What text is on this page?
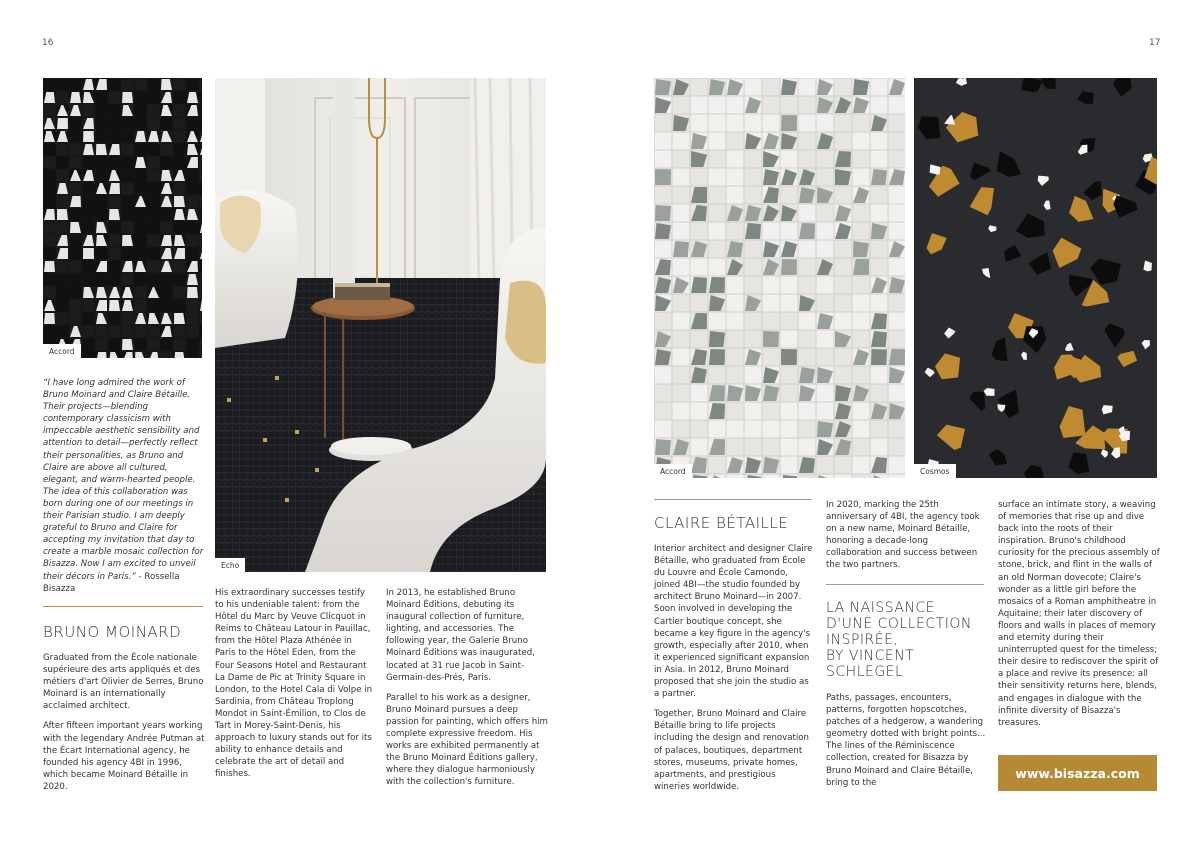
16	17
Accord
Echo
Accord	Cosmos
“I have long admired the work of Bruno Moinard and Claire Bétaille. Their projects—blending contemporary classicism with impeccable aesthetic sensibility and attention to detail—perfectly reflect their personalities, as Bruno and Claire are above all cultured, elegant, and warm-hearted people. The idea of this collaboration was born during one of our meetings in their Parisian studio. I am deeply grateful to Bruno and Claire for accepting my invitation that day to create a marble mosaic collection for Bisazza. Now I am excited to unveil their décors in Paris.” - Rossella Bisazza
BRUNO MOINARD

Graduated from the École nationale supérieure des arts appliqués et des métiers d'art Olivier de Serres, Bruno Moinard is an internationally acclaimed architect.

After fifteen important years working with the legendary Andrée Putman at the Écart International agency, he founded his agency 4BI in 1996, which became Moinard Bétaille in 2020.

His extraordinary successes testify to his undeniable talent: from the Hôtel du Marc by Veuve Clicquot in Reims to Château Latour in Pauillac, from the Hôtel Plaza Athénée in Paris to the Hôtel Eden, from the Four Seasons Hotel and Restaurant La Dame de Pic at Trinity Square in London, to the Hotel Cala di Volpe in Sardinia, from Château Troplong Mondot in Saint-Émilion, to Clos de Tart in Morey-Saint-Denis, his approach to luxury stands out for its ability to enhance details and celebrate the art of detail and finishes.

In 2013, he established Bruno Moinard Éditions, debuting its inaugural collection of furniture, lighting, and accessories. The following year, the Galerie Bruno Moinard Éditions was inaugurated, located at 31 rue Jacob in Saint-Germain-des-Prés, Paris.

Parallel to his work as a designer, Bruno Moinard pursues a deep passion for painting, which offers him complete expressive freedom. His works are exhibited permanently at the Bruno Moinard Éditions gallery, where they dialogue harmoniously with the collection's furniture.

CLAIRE BÉTAILLE

Interior architect and designer Claire Bétaille, who graduated from École du Louvre and École Camondo, joined 4BI—the studio founded by architect Bruno Moinard—in 2007. Soon involved in developing the Cartier boutique concept, she became a key figure in the agency's growth, especially after 2010, when it experienced significant expansion in Asia. In 2012, Bruno Moinard proposed that she join the studio as a partner.

Together, Bruno Moinard and Claire Bétaille bring to life projects including the design and renovation of palaces, boutiques, department stores, museums, private homes, apartments, and prestigious wineries worldwide.

In 2020, marking the 25th anniversary of 4BI, the agency took on a new name, Moinard Bétaille, honoring a decade-long collaboration and success between the two partners.

LA NAISSANCE
D'UNE COLLECTION
INSPIRÉE,
BY VINCENT
SCHLEGEL

Paths, passages, encounters, patterns, forgotten hopscotches, patches of a hedgerow, a wandering geometry dotted with bright points... The lines of the Réminiscence collection, created for Bisazza by Bruno Moinard and Claire Bétaille, bring to the

surface an intimate story, a weaving of memories that rise up and dive back into the roots of their inspiration. Bruno's childhood curiosity for the precious assembly of stone, brick, and flint in the walls of an old Norman dovecote; Claire's wonder as a little girl before the mosaics of a Roman amphitheatre in Aquitaine; their later discovery of floors and walls in places of memory and eternity during their uninterrupted quest for the timeless; their desire to rediscover the spirit of a place and revive its presence: all their sensitivity returns here, blends, and engages in dialogue with the infinite diversity of Bisazza's treasures.

www.bisazza.com
